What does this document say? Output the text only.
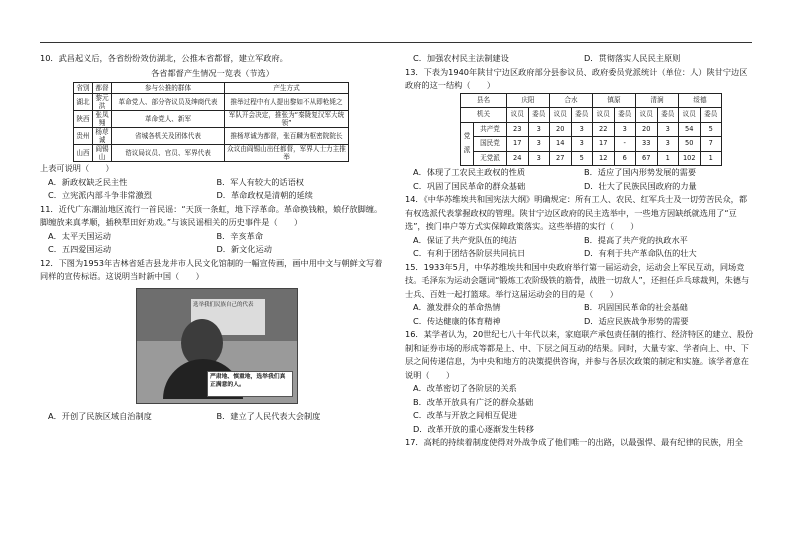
10．武昌起义后，各省纷纷效仿湖北，公推本省都督，建立军政府。

各省都督产生情况一览表（节选）
省别	都督	参与公推的群体	产生方式
湖北	黎元洪	革命党人、部分咨议员及绅商代表	推举过程中有人提出黎如不从即枪毙之
陕西	张凤翙	革命党人、新军	军队开会决定，推张为“秦陇复汉军大统领”
贵州	杨荩诚	省城各机关及团体代表	推杨荩诚为都督，张百麟为枢密院院长
山西	阎锡山	谘议局议员、官员、军界代表	众议由阎锡山出任都督，军界人士力主推举

上表可说明（　　）

A．新政权缺乏民主性	B．军人有较大的话语权
C．立宪派内部斗争非常激烈	D．革命政权是清朝的延续

11．近代广东潮汕地区流行一首民谣：“天顶一条虹，地下浮革命。革命换钱粮，娘仔放脚缠。脚缠放来真孝顺，插秧犁田好劝戏。”与该民谣相关的历史事件是（　　）

A．太平天国运动	B．辛亥革命
C．五四爱国运动	D．新文化运动

12．下图为1953年吉林省延吉县龙井市人民文化馆制的一幅宣传画，画中用中文与朝鲜文写着同样的宣传标语。这说明当时新中国（　　）

选举我们民族自己的代表
严肃地、慎重地，选举我们真正满意的人。
A．开创了民族区域自治制度	B．建立了人民代表大会制度
C．加强农村民主法制建设	D．贯彻落实人民民主原则

13．下表为1940年陕甘宁边区政府部分县参议员、政府委员党派统计（单位：人）陕甘宁边区政府的这一结构（　　）

县名		庆阳		合水		镇原		清涧		绥德	
机关		议员	委员	议员	委员	议员	委员	议员	委员	议员	委员
党派	共产党	23	3	20	3	22	3	20	3	54	5
	国民党	17	3	14	3	17	-	33	3	50	7
	无党派	24	3	27	5	12	6	67	1	102	1
A．体现了工农民主政权的性质	B．适应了国内形势发展的需要
C．巩固了国民革命的群众基础	D．壮大了民族民国政府的力量

14．《中华苏维埃共和国宪法大纲》明确规定：所有工人、农民、红军兵士及一切劳苦民众，都有权选派代表掌握政权的管理。陕甘宁边区政府的民主选举中，一些地方因缺纸就选用了“豆选”，挨门串户等方式实保障政策落实。这些举措的实行（　　）

A．保证了共产党队伍的纯洁	B．提高了共产党的执政水平
C．有利于团结各阶层共同抗日	D．有利于共产革命队伍的壮大

15．1933年5月，中华苏维埃共和国中央政府举行第一届运动会，运动会上军民互动，同场竞技。毛泽东为运动会题词“锻炼工农阶级铁的筋骨，战胜一切敌人”，还担任乒乓球裁判，朱德与士兵、百姓一起打篮球。举行这届运动会的目的是（　　）

A．激发群众的革命热情	B．巩固国民革命的社会基础
C．传达健康的体育精神	D．适应民族战争形势的需要

16．某学者认为，20世纪七八十年代以来，家庭联产承包责任制的推行、经济特区的建立、股份制和证券市场的形成等都是上、中、下层之间互动的结果。同时，大量专家、学者向上、中、下层之间传递信息，为中央和地方的决策提供咨询，并参与各层次政策的制定和实施。该学者意在说明（　　）

A．改革密切了各阶层的关系
B．改革开放具有广泛的群众基础
C．改革与开放之间相互促进
D．改革开放的重心逐渐发生转移

17．高耗的持续着制度使得对外战争成了他们唯一的出路，以最强悍、最有纪律的民族，用全
